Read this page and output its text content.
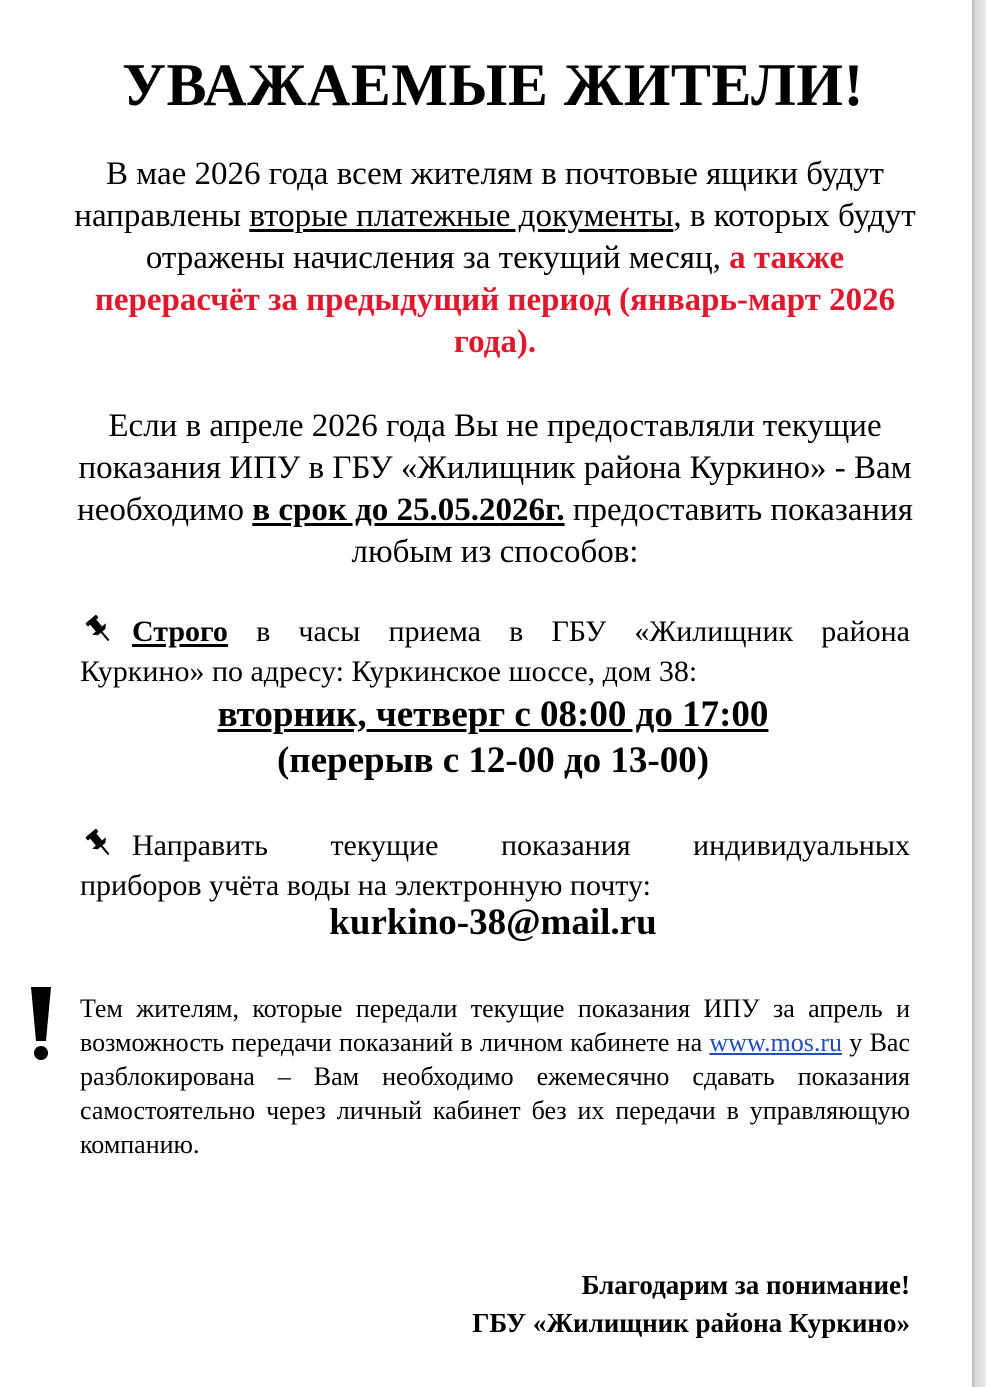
УВАЖАЕМЫЕ ЖИТЕЛИ!
В мае 2026 года всем жителям в почтовые ящики будут направлены вторые платежные документы, в которых будут отражены начисления за текущий месяц, а также перерасчёт за предыдущий период (январь-март 2026 года).
Если в апреле 2026 года Вы не предоставляли текущие показания ИПУ в ГБУ «Жилищник района Куркино» - Вам необходимо в срок до 25.05.2026г. предоставить показания любым из способов:
Строго в часы приема в ГБУ «Жилищник района
Куркино» по адресу: Куркинское шоссе, дом 38:
вторник, четверг с 08:00 до 17:00
(перерыв с 12-00 до 13-00)
Направить текущие показания индивидуальных
приборов учёта воды на электронную почту:
kurkino-38@mail.ru
Тем жителям, которые передали текущие показания ИПУ за апрель и возможность передачи показаний в личном кабинете на www.mos.ru у Вас разблокирована – Вам необходимо ежемесячно сдавать показания самостоятельно через личный кабинет без их передачи в управляющую компанию.
Благодарим за понимание!
ГБУ «Жилищник района Куркино»
